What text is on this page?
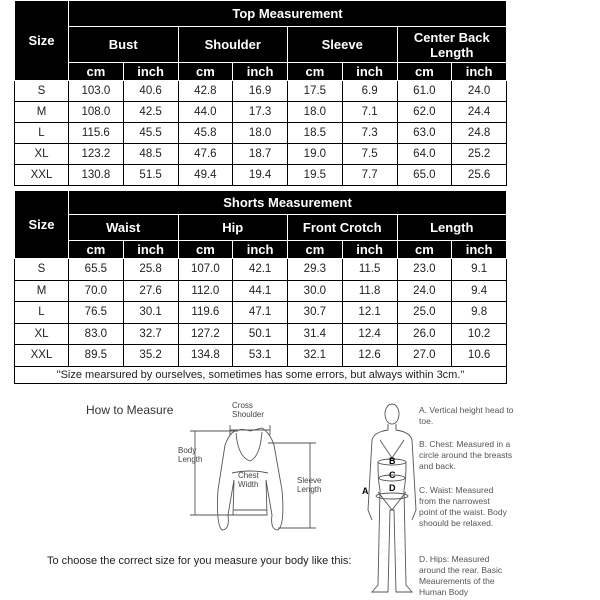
Size	Top Measurement							
	Bust		Shoulder		Sleeve		Center Back Length	
	cm	inch	cm	inch	cm	inch	cm	inch
S	103.0	40.6	42.8	16.9	17.5	6.9	61.0	24.0
M	108.0	42.5	44.0	17.3	18.0	7.1	62.0	24.4
L	115.6	45.5	45.8	18.0	18.5	7.3	63.0	24.8
XL	123.2	48.5	47.6	18.7	19.0	7.5	64.0	25.2
XXL	130.8	51.5	49.4	19.4	19.5	7.7	65.0	25.6
Size	Shorts Measurement							
	Waist		Hip		Front Crotch		Length	
	cm	inch	cm	inch	cm	inch	cm	inch
S	65.5	25.8	107.0	42.1	29.3	11.5	23.0	9.1
M	70.0	27.6	112.0	44.1	30.0	11.8	24.0	9.4
L	76.5	30.1	119.6	47.1	30.7	12.1	25.0	9.8
XL	83.0	32.7	127.2	50.1	31.4	12.4	26.0	10.2
XXL	89.5	35.2	134.8	53.1	32.1	12.6	27.0	10.6
"Size mearsured by ourselves, sometimes has some errors, but always within 3cm."								
How to Measure	Cross Shoulder
Body Length
Chest Width	Sleeve Length
To choose the correct size for you measure your body like this:
A
B
C
D
A. Vertical height head to toe.
B. Chest: Measured in a circle around the breasts and back.
C. Waist: Measured from the narrowest point of the waist. Body shoould be relaxed.
D. Hips: Measured around the rear. Basic Meaurements of the Human Body
